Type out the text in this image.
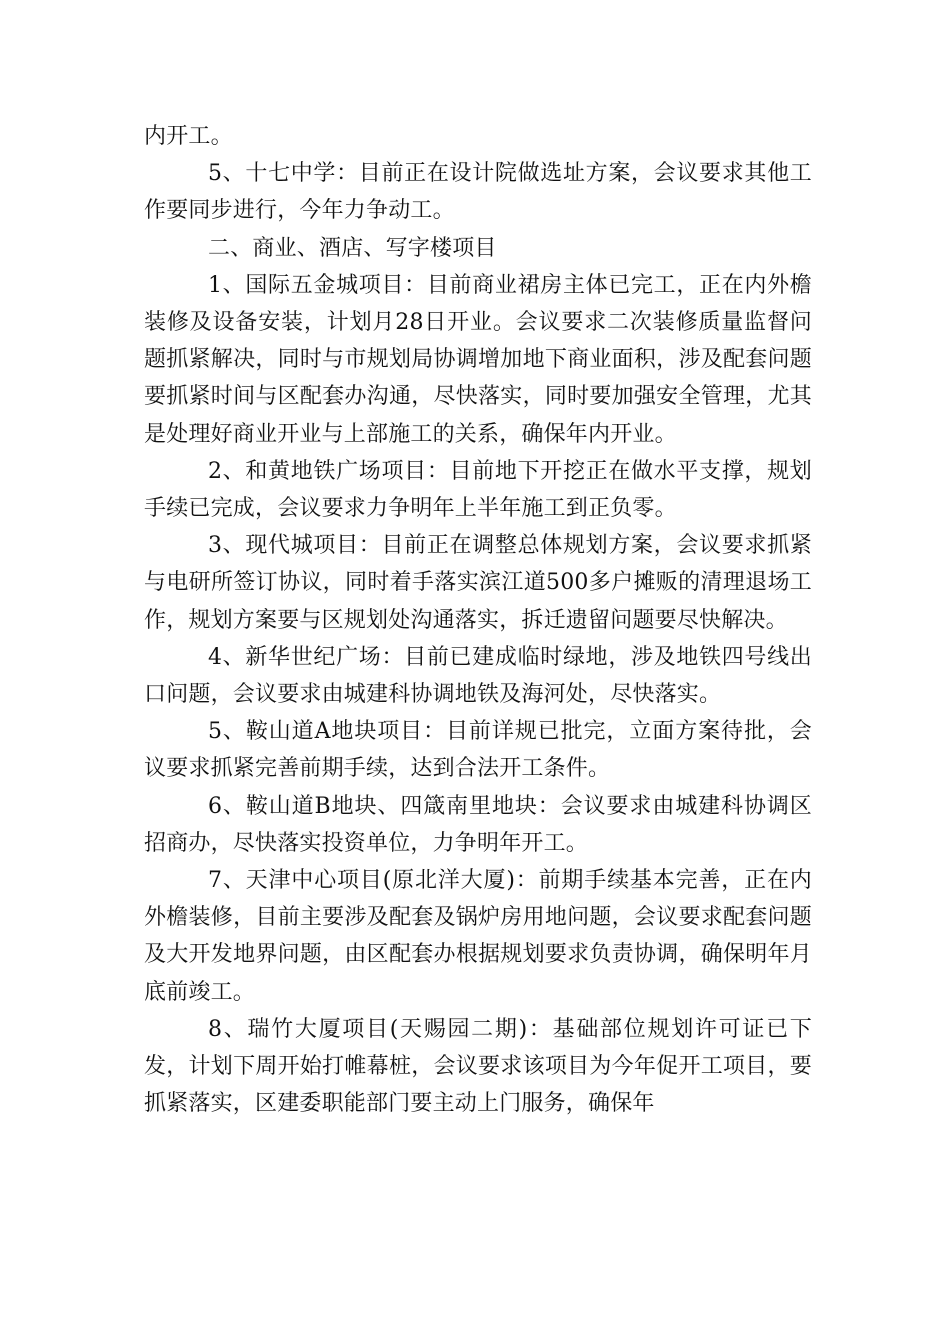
内开工。

5、十七中学：目前正在设计院做选址方案，会议要求其他工作要同步进行，今年力争动工。

二、商业、酒店、写字楼项目

1、国际五金城项目：目前商业裙房主体已完工，正在内外檐装修及设备安装，计划月28日开业。会议要求二次装修质量监督问题抓紧解决，同时与市规划局协调增加地下商业面积，涉及配套问题要抓紧时间与区配套办沟通，尽快落实，同时要加强安全管理，尤其是处理好商业开业与上部施工的关系，确保年内开业。

2、和黄地铁广场项目：目前地下开挖正在做水平支撑，规划手续已完成，会议要求力争明年上半年施工到正负零。

3、现代城项目：目前正在调整总体规划方案，会议要求抓紧与电研所签订协议，同时着手落实滨江道500多户摊贩的清理退场工作，规划方案要与区规划处沟通落实，拆迁遗留问题要尽快解决。

4、新华世纪广场：目前已建成临时绿地，涉及地铁四号线出口问题，会议要求由城建科协调地铁及海河处，尽快落实。

5、鞍山道A地块项目：目前详规已批完，立面方案待批，会议要求抓紧完善前期手续，达到合法开工条件。

6、鞍山道B地块、四箴南里地块：会议要求由城建科协调区招商办，尽快落实投资单位，力争明年开工。

7、天津中心项目(原北洋大厦)：前期手续基本完善，正在内外檐装修，目前主要涉及配套及锅炉房用地问题，会议要求配套问题及大开发地界问题，由区配套办根据规划要求负责协调，确保明年月底前竣工。

8、瑞竹大厦项目(天赐园二期)：基础部位规划许可证已下发，计划下周开始打帷幕桩，会议要求该项目为今年促开工项目，要抓紧落实，区建委职能部门要主动上门服务，确保年
